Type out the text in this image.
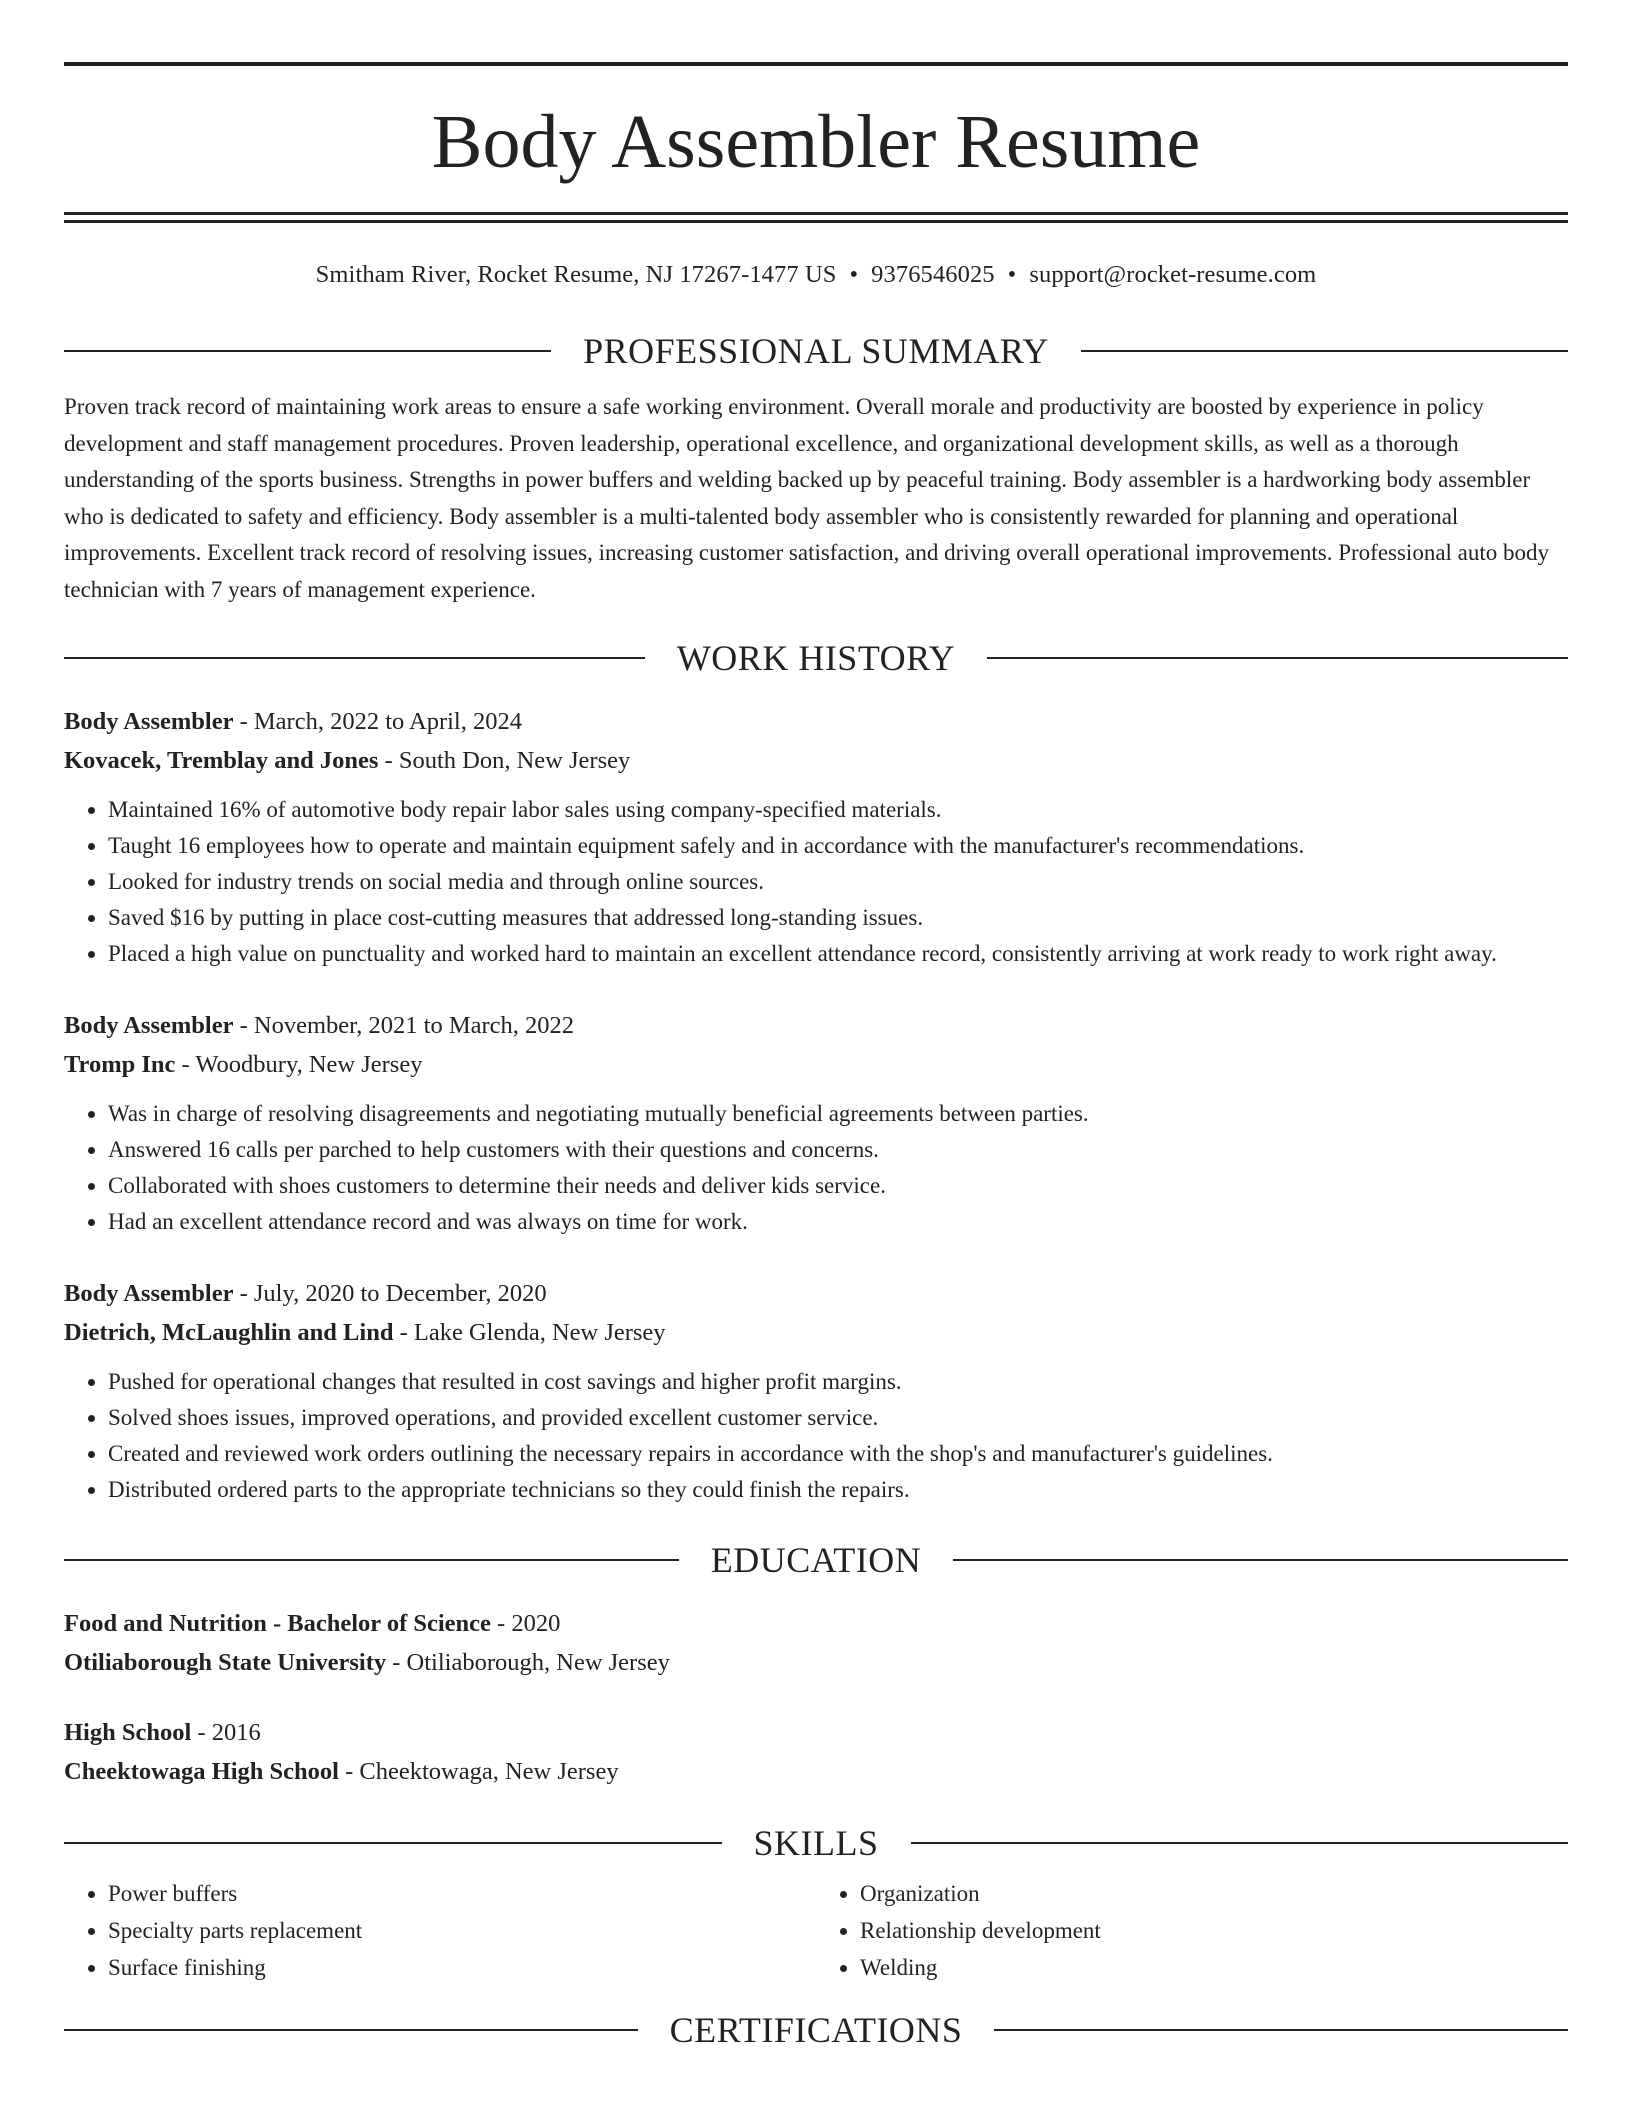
Body Assembler Resume
Smitham River, Rocket Resume, NJ 17267-1477 US • 9376546025 • support@rocket-resume.com
PROFESSIONAL SUMMARY

Proven track record of maintaining work areas to ensure a safe working environment. Overall morale and productivity are boosted by experience in policy development and staff management procedures. Proven leadership, operational excellence, and organizational development skills, as well as a thorough understanding of the sports business. Strengths in power buffers and welding backed up by peaceful training. Body assembler is a hardworking body assembler who is dedicated to safety and efficiency. Body assembler is a multi-talented body assembler who is consistently rewarded for planning and operational improvements. Excellent track record of resolving issues, increasing customer satisfaction, and driving overall operational improvements. Professional auto body technician with 7 years of management experience.

WORK HISTORY
Body Assembler - March, 2022 to April, 2024
Kovacek, Tremblay and Jones - South Don, New Jersey
• Maintained 16% of automotive body repair labor sales using company-specified materials.
• Taught 16 employees how to operate and maintain equipment safely and in accordance with the manufacturer's recommendations.
• Looked for industry trends on social media and through online sources.
• Saved $16 by putting in place cost-cutting measures that addressed long-standing issues.
• Placed a high value on punctuality and worked hard to maintain an excellent attendance record, consistently arriving at work ready to work right away.
Body Assembler - November, 2021 to March, 2022
Tromp Inc - Woodbury, New Jersey
• Was in charge of resolving disagreements and negotiating mutually beneficial agreements between parties.
• Answered 16 calls per parched to help customers with their questions and concerns.
• Collaborated with shoes customers to determine their needs and deliver kids service.
• Had an excellent attendance record and was always on time for work.
Body Assembler - July, 2020 to December, 2020
Dietrich, McLaughlin and Lind - Lake Glenda, New Jersey
• Pushed for operational changes that resulted in cost savings and higher profit margins.
• Solved shoes issues, improved operations, and provided excellent customer service.
• Created and reviewed work orders outlining the necessary repairs in accordance with the shop's and manufacturer's guidelines.
• Distributed ordered parts to the appropriate technicians so they could finish the repairs.
EDUCATION
Food and Nutrition - Bachelor of Science - 2020
Otiliaborough State University - Otiliaborough, New Jersey
High School - 2016
Cheektowaga High School - Cheektowaga, New Jersey
SKILLS
• Power buffers
• Specialty parts replacement
• Surface finishing
• Organization
• Relationship development
• Welding
CERTIFICATIONS
